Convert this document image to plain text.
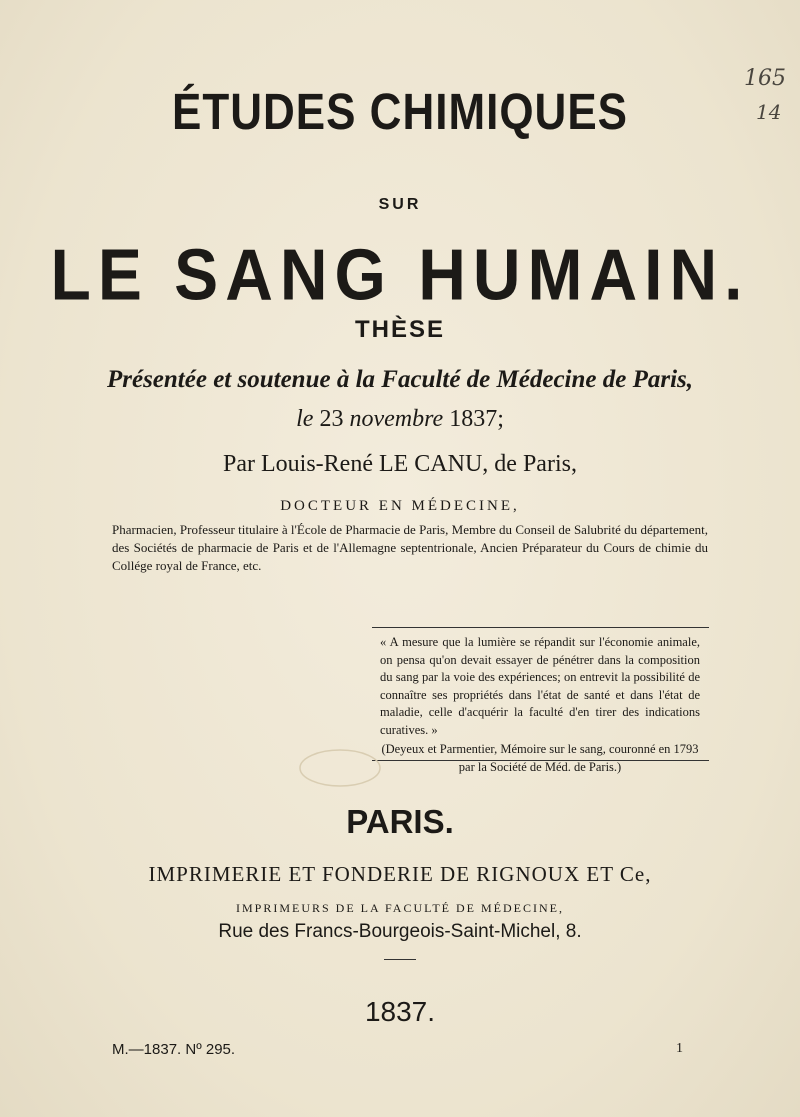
165
14
ÉTUDES CHIMIQUES
SUR
LE SANG HUMAIN.
THÈSE
Présentée et soutenue à la Faculté de Médecine de Paris,
le 23 novembre 1837;
Par Louis-René LE CANU, de Paris,
DOCTEUR EN MÉDECINE,
Pharmacien, Professeur titulaire à l'École de Pharmacie de Paris, Membre du Conseil de Salubrité du département, des Sociétés de pharmacie de Paris et de l'Allemagne septentrionale, Ancien Préparateur du Cours de chimie du Collége royal de France, etc.
« A mesure que la lumière se répandit sur l'économie animale, on pensa qu'on devait essayer de pénétrer dans la composition du sang par la voie des expériences; on entrevit la possibilité de connaître ses propriétés dans l'état de santé et dans l'état de maladie, celle d'acquérir la faculté d'en tirer des indications curatives. »
(Deyeux et Parmentier, Mémoire sur le sang, couronné en 1793 par la Société de Méd. de Paris.)
PARIS.
IMPRIMERIE ET FONDERIE DE RIGNOUX ET Ce,
IMPRIMEURS DE LA FACULTÉ DE MÉDECINE,
Rue des Francs-Bourgeois-Saint-Michel, 8.
1837.
M.—1837. Nº 295.	1
